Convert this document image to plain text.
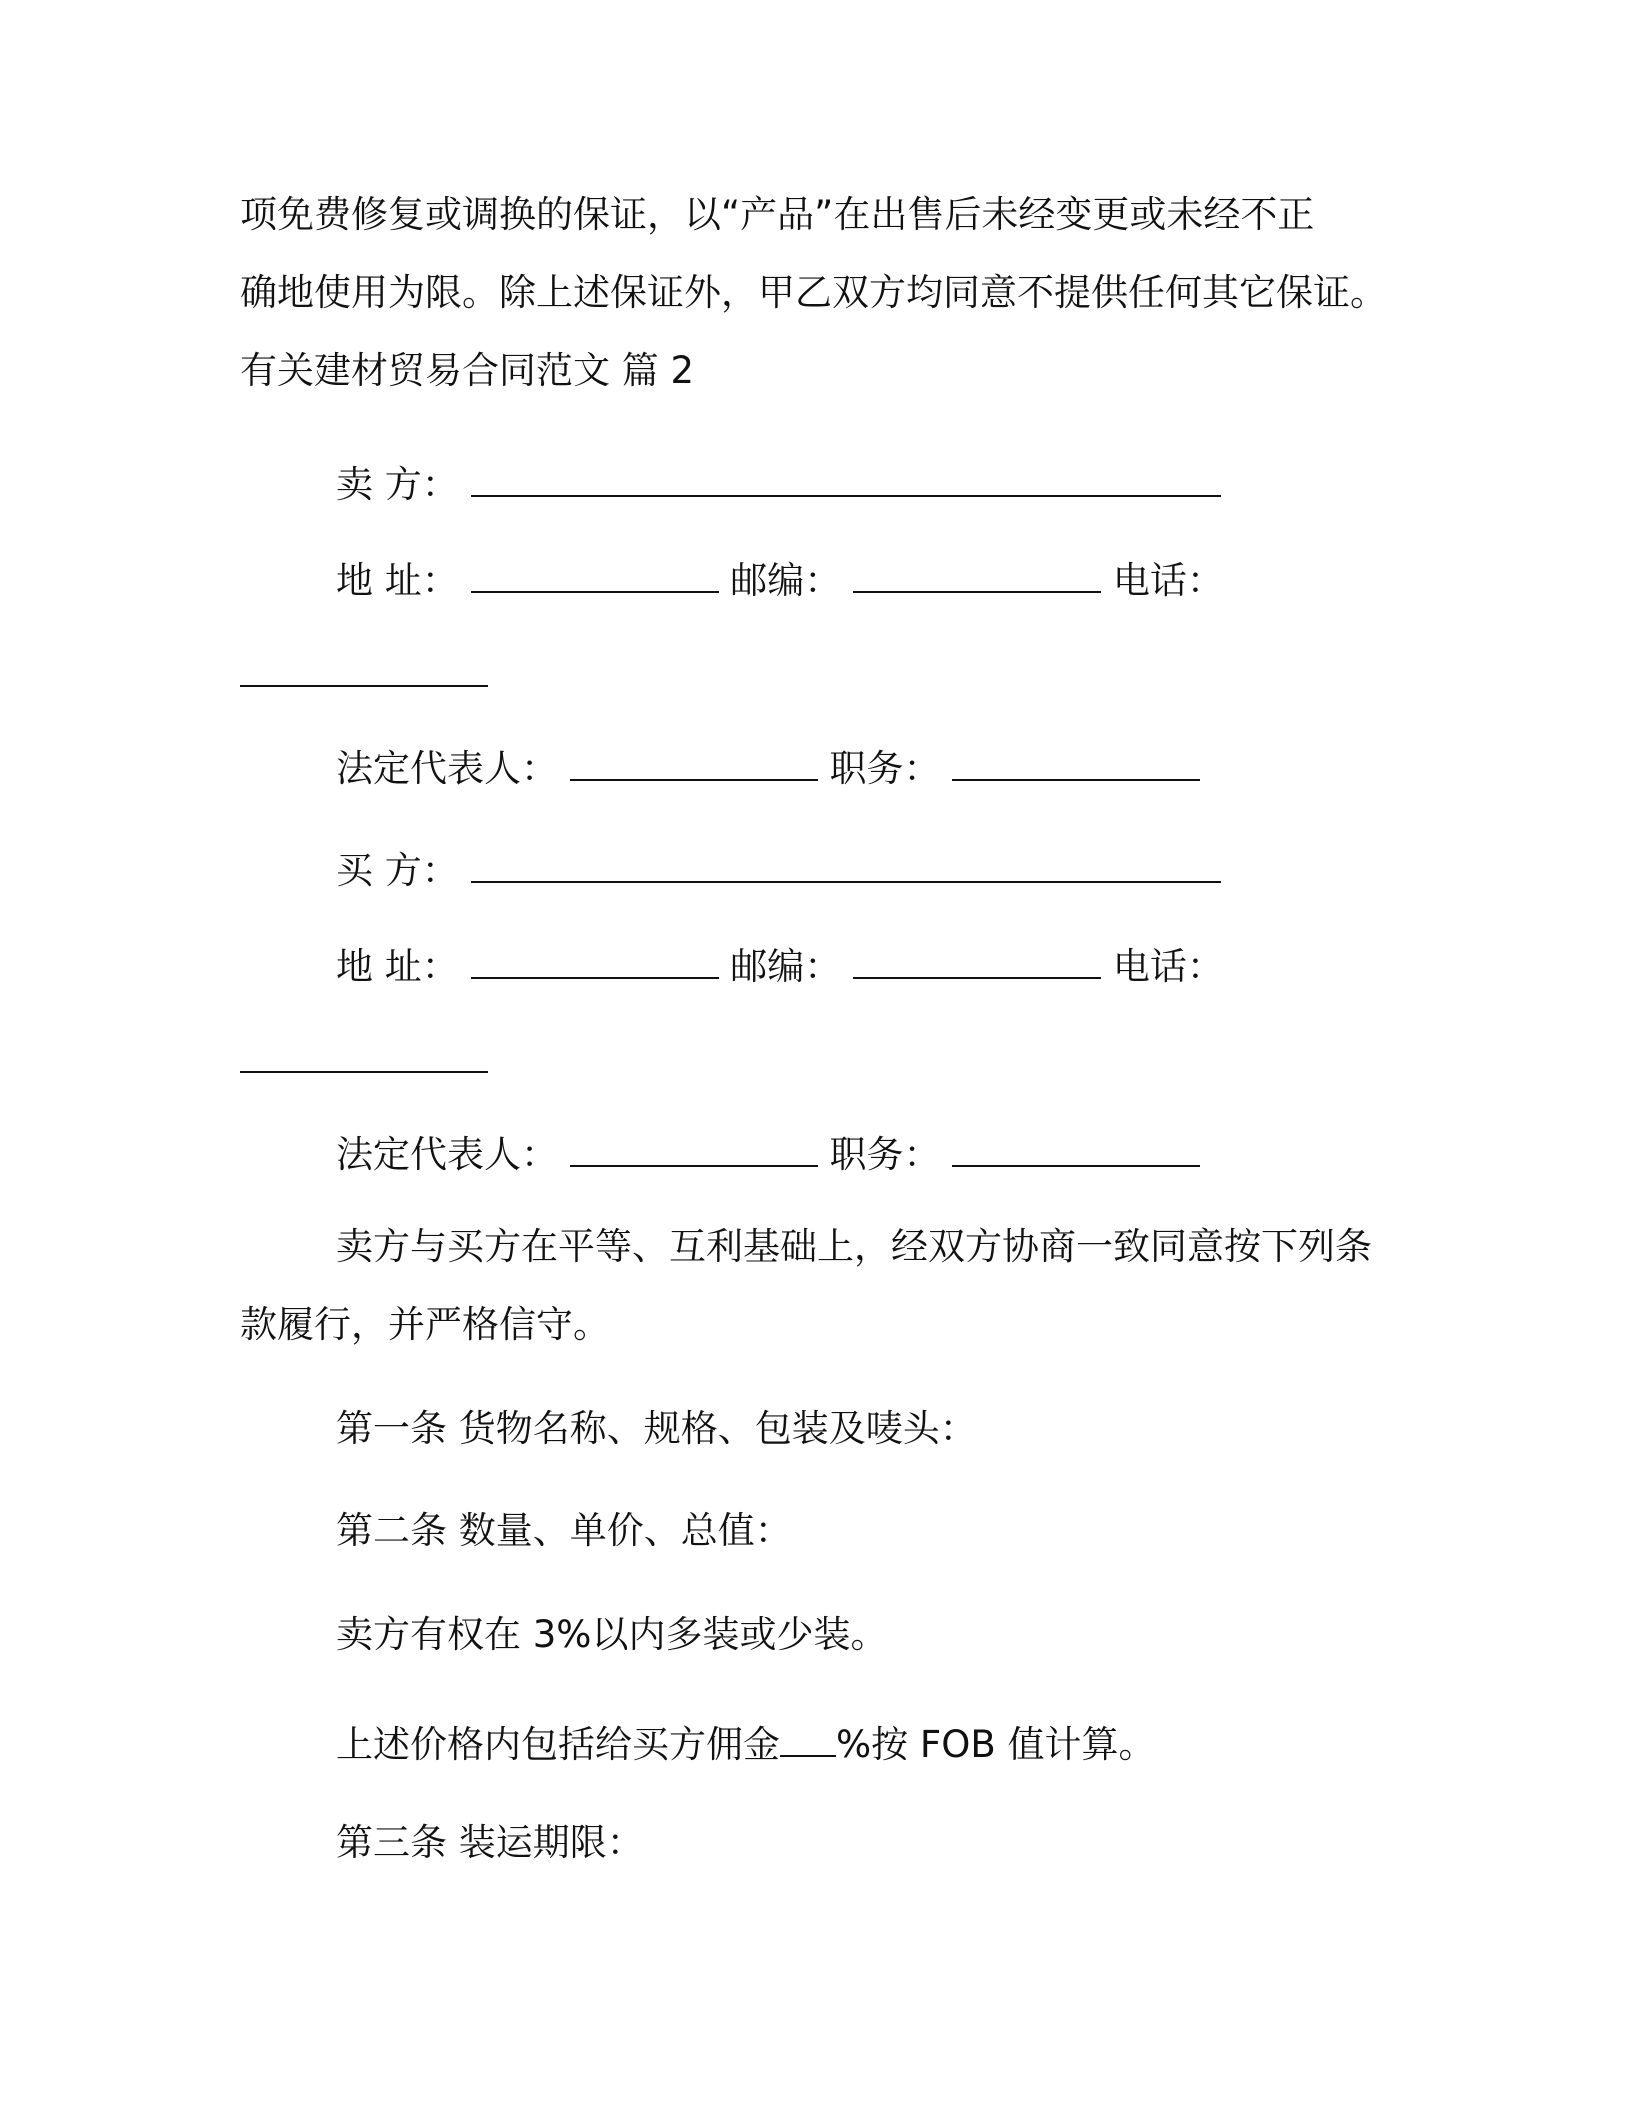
项免费修复或调换的保证，以“产品”在出售后未经变更或未经不正

确地使用为限。除上述保证外，甲乙双方均同意不提供任何其它保证。

有关建材贸易合同范文 篇 2

卖 方：

地 址：	邮编：	电话：

法定代表人：	职务：

买 方：

地 址：	邮编：	电话：

法定代表人：	职务：

卖方与买方在平等、互利基础上，经双方协商一致同意按下列条

款履行，并严格信守。

第一条 货物名称、规格、包装及唛头：

第二条 数量、单价、总值：

卖方有权在 3%以内多装或少装。

上述价格内包括给买方佣金 %按 FOB 值计算。

第三条 装运期限：
